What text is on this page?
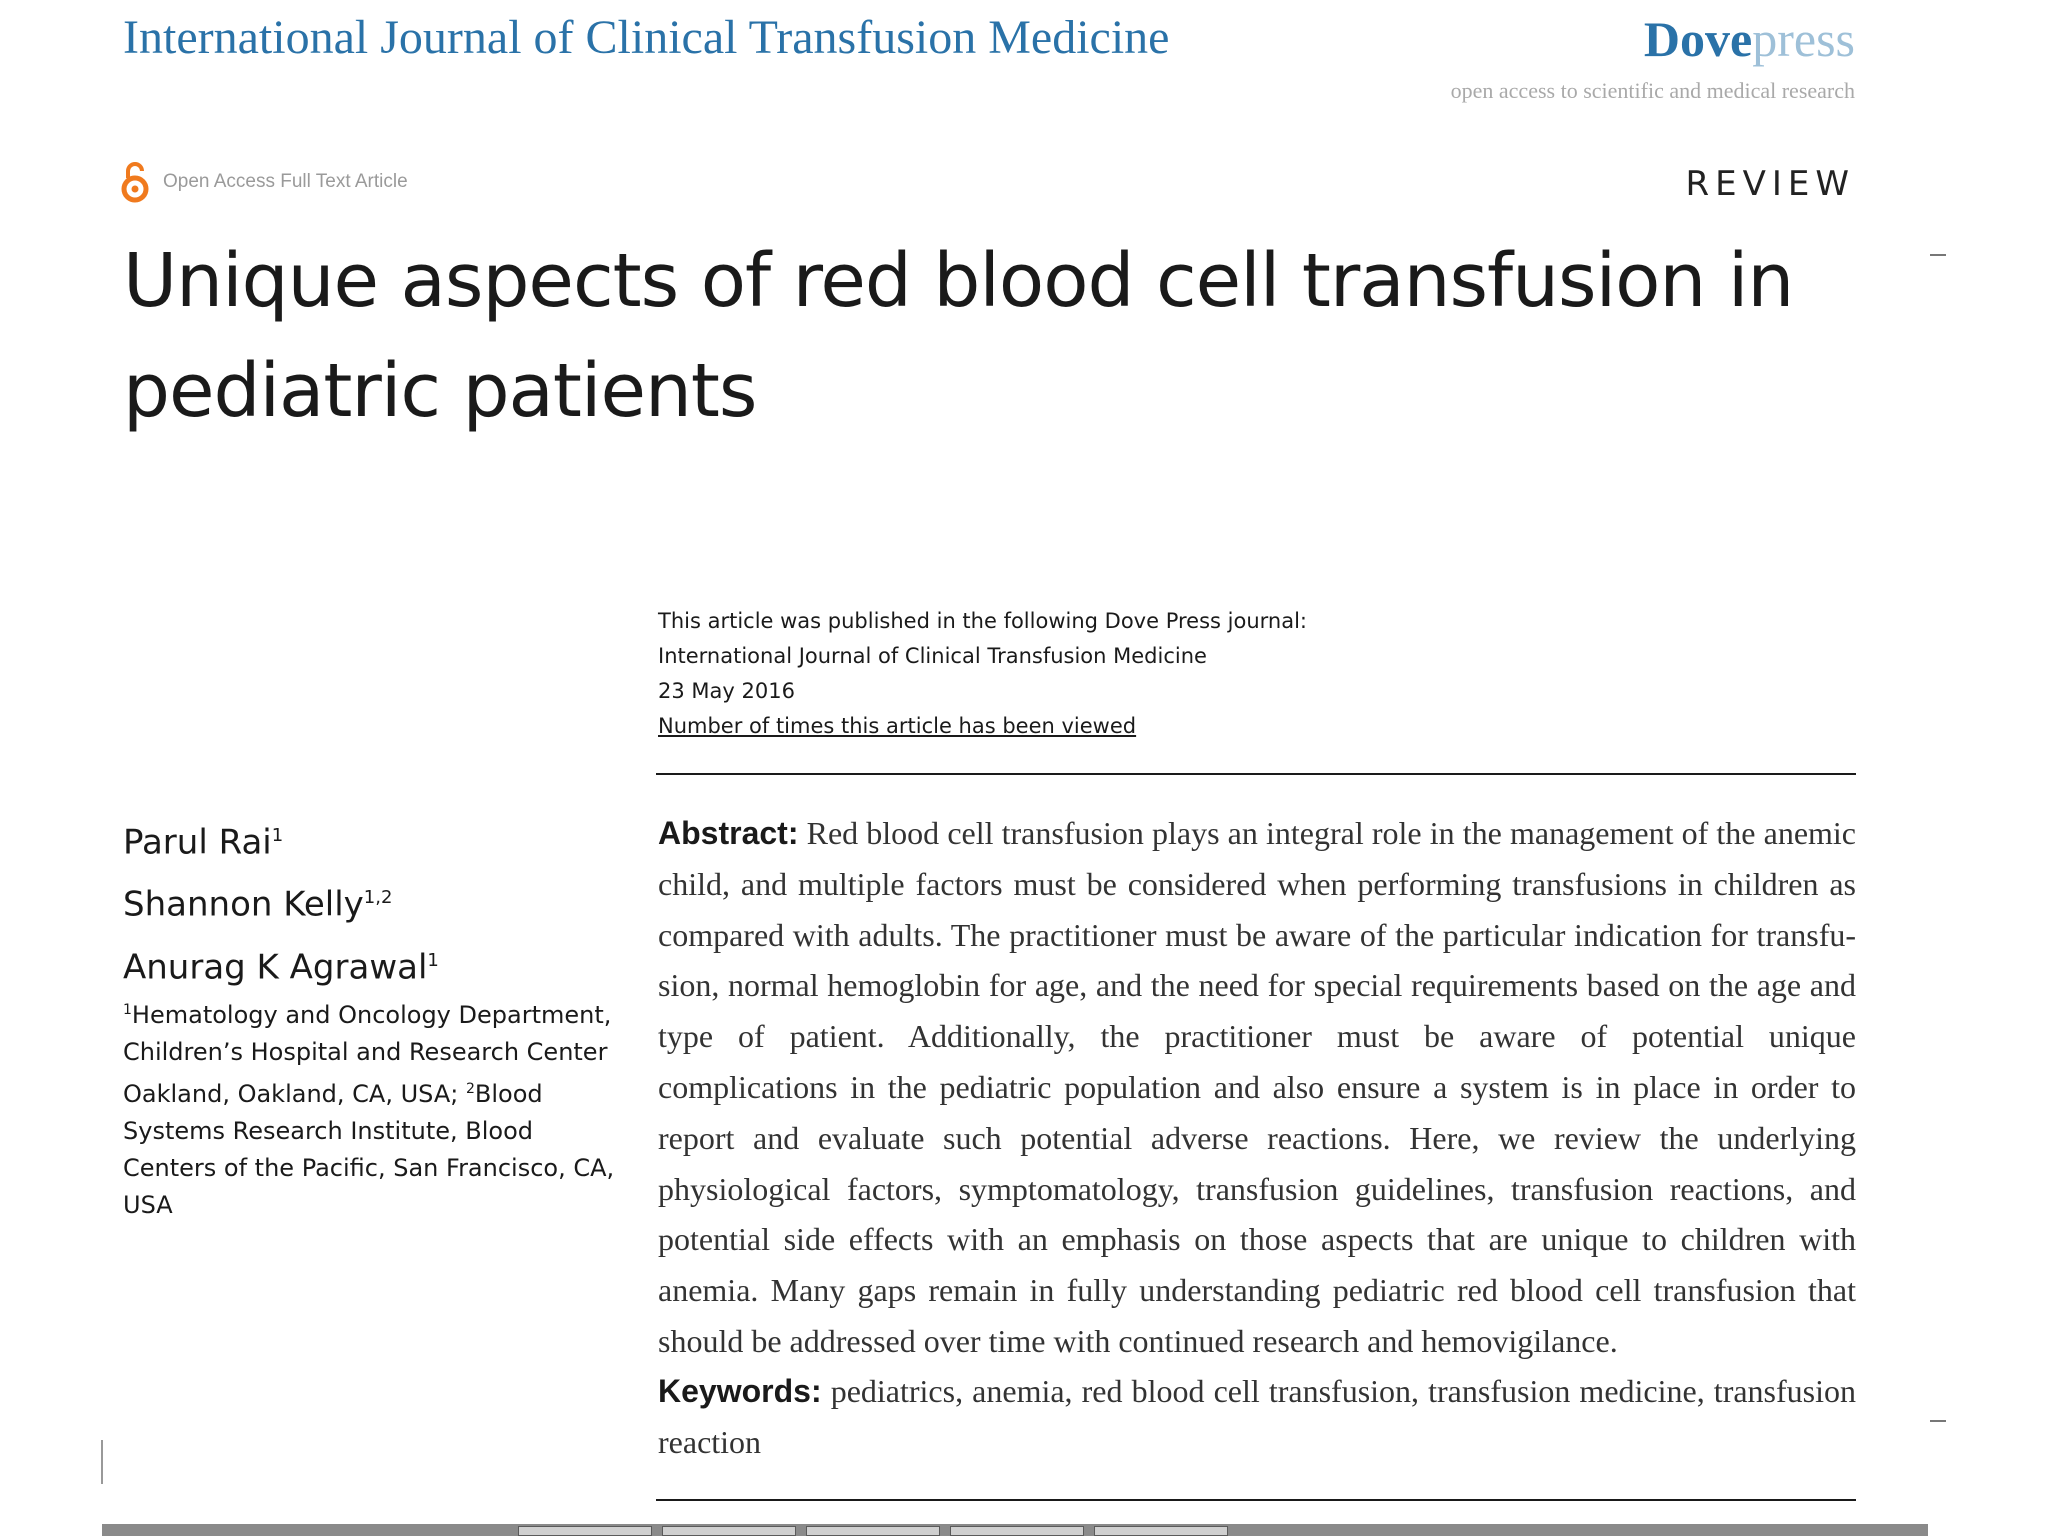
International Journal of Clinical Transfusion Medicine	Dovepress
open access to scientific and medical research
Open Access Full Text Article	REVIEW
Unique aspects of red blood cell transfusion in pediatric patients
This article was published in the following Dove Press journal:
International Journal of Clinical Transfusion Medicine
23 May 2016
Number of times this article has been viewed
Parul Rai$^1$
Shannon Kelly$^{1,2}$
Anurag K Agrawal$^1$
$^1$Hematology and Oncology Department, Children’s Hospital and Research Center Oakland, Oakland, CA, USA; $^2$Blood Systems Research Institute, Blood Centers of the Pacific, San Francisco, CA, USA
Abstract: Red blood cell transfusion plays an integral role in the management of the anemic child, and multiple factors must be considered when performing transfusions in children as compared with adults. The practitioner must be aware of the particular indication for transfusion, normal hemoglobin for age, and the need for special requirements based on the age and type of patient. Additionally, the practitioner must be aware of potential unique complications in the pediatric population and also ensure a system is in place in order to report and evaluate such potential adverse reactions. Here, we review the underlying physiological factors, symptomatology, transfusion guidelines, transfusion reactions, and potential side effects with an emphasis on those aspects that are unique to children with anemia. Many gaps remain in fully understanding pediatric red blood cell transfusion that should be addressed over time with continued research and hemovigilance.
Keywords: pediatrics, anemia, red blood cell transfusion, transfusion medicine, transfusion reaction
